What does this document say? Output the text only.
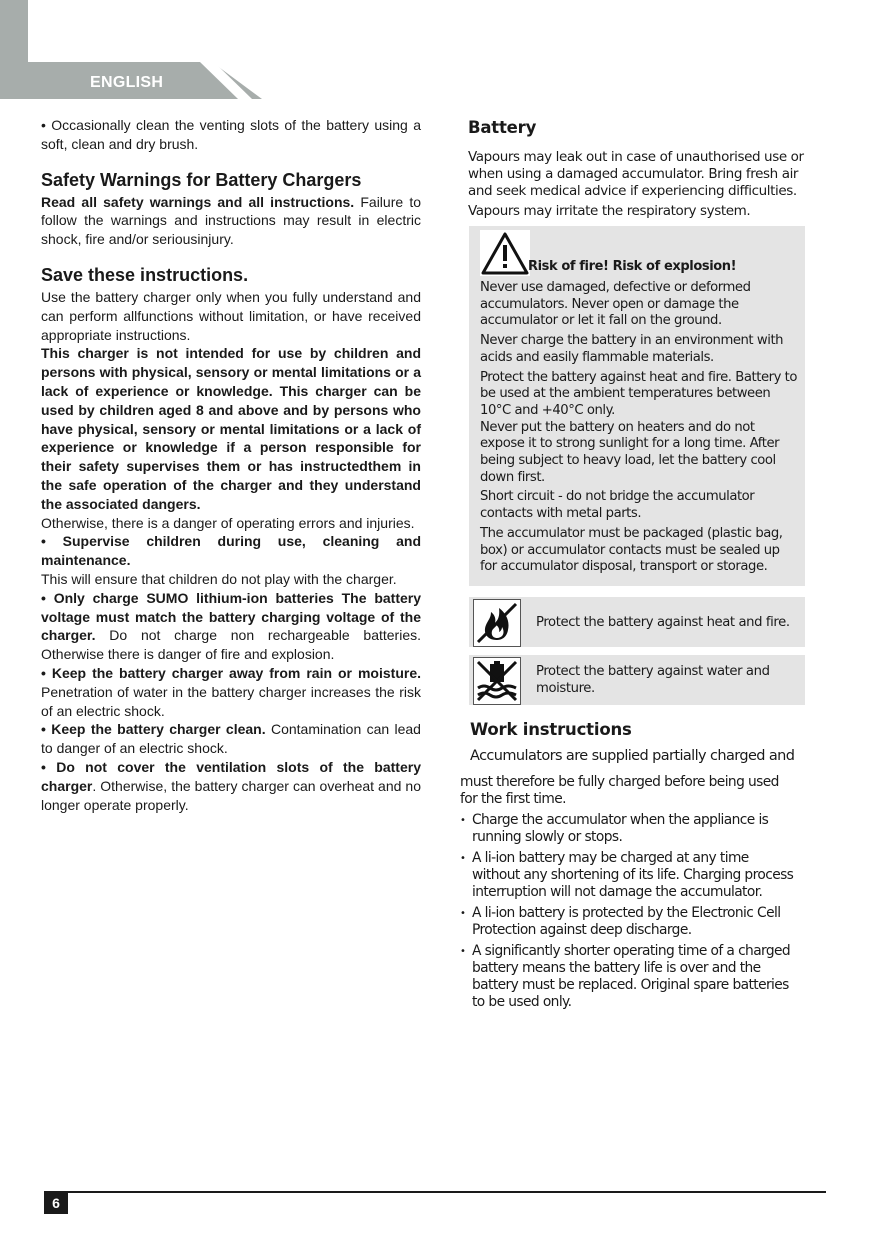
ENGLISH

• Occasionally clean the venting slots of the battery using a soft, clean and dry brush.

Safety Warnings for Battery Chargers

Read all safety warnings and all instructions. Failure to follow the warnings and instructions may result in electric shock, fire and/or seriousinjury.

Save these instructions.

Use the battery charger only when you fully understand and can perform allfunctions without limitation, or have received appropriate instructions.

This charger is not intended for use by children and persons with physical, sensory or mental limitations or a lack of experience or knowledge. This charger can be used by children aged 8 and above and by persons who have physical, sensory or mental limitations or a lack of experience or knowledge if a person responsible for their safety supervises them or has instructedthem in the safe operation of the charger and they understand the associated dangers.

Otherwise, there is a danger of operating errors and injuries.

• Supervise children during use, cleaning and maintenance.
This will ensure that children do not play with the charger.

• Only charge SUMO lithium-ion batteries The battery voltage must match the battery charging voltage of the charger. Do not charge non rechargeable batteries. Otherwise there is danger of fire and explosion.

• Keep the battery charger away from rain or moisture. Penetration of water in the battery charger increases the risk of an electric shock.

• Keep the battery charger clean. Contamination can lead to danger of an electric shock.

• Do not cover the ventilation slots of the battery charger. Otherwise, the battery charger can overheat and no longer operate properly.

Battery

Vapours may leak out in case of unauthorised use or when using a damaged accumulator. Bring fresh air and seek medical advice if experiencing difficulties.

Vapours may irritate the respiratory system.

Risk of fire! Risk of explosion!

Never use damaged, defective or deformed accumulators. Never open or damage the accumulator or let it fall on the ground.

Never charge the battery in an environment with acids and easily flammable materials.

Protect the battery against heat and fire. Battery to be used at the ambient temperatures between 10°C and +40°C only.

Never put the battery on heaters and do not expose it to strong sunlight for a long time. After being subject to heavy load, let the battery cool down first.

Short circuit - do not bridge the accumulator contacts with metal parts.

The accumulator must be packaged (plastic bag, box) or accumulator contacts must be sealed up for accumulator disposal, transport or storage.

Protect the battery against heat and fire.
Protect the battery against water and moisture.
Work instructions

Accumulators are supplied partially charged and

must therefore be fully charged before being used for the first time.

• Charge the accumulator when the appliance is running slowly or stops.

• A li-ion battery may be charged at any time without any shortening of its life. Charging process interruption will not damage the accumulator.

• A li-ion battery is protected by the Electronic Cell Protection against deep discharge.

• A significantly shorter operating time of a charged battery means the battery life is over and the battery must be replaced. Original spare batteries to be used only.

6
